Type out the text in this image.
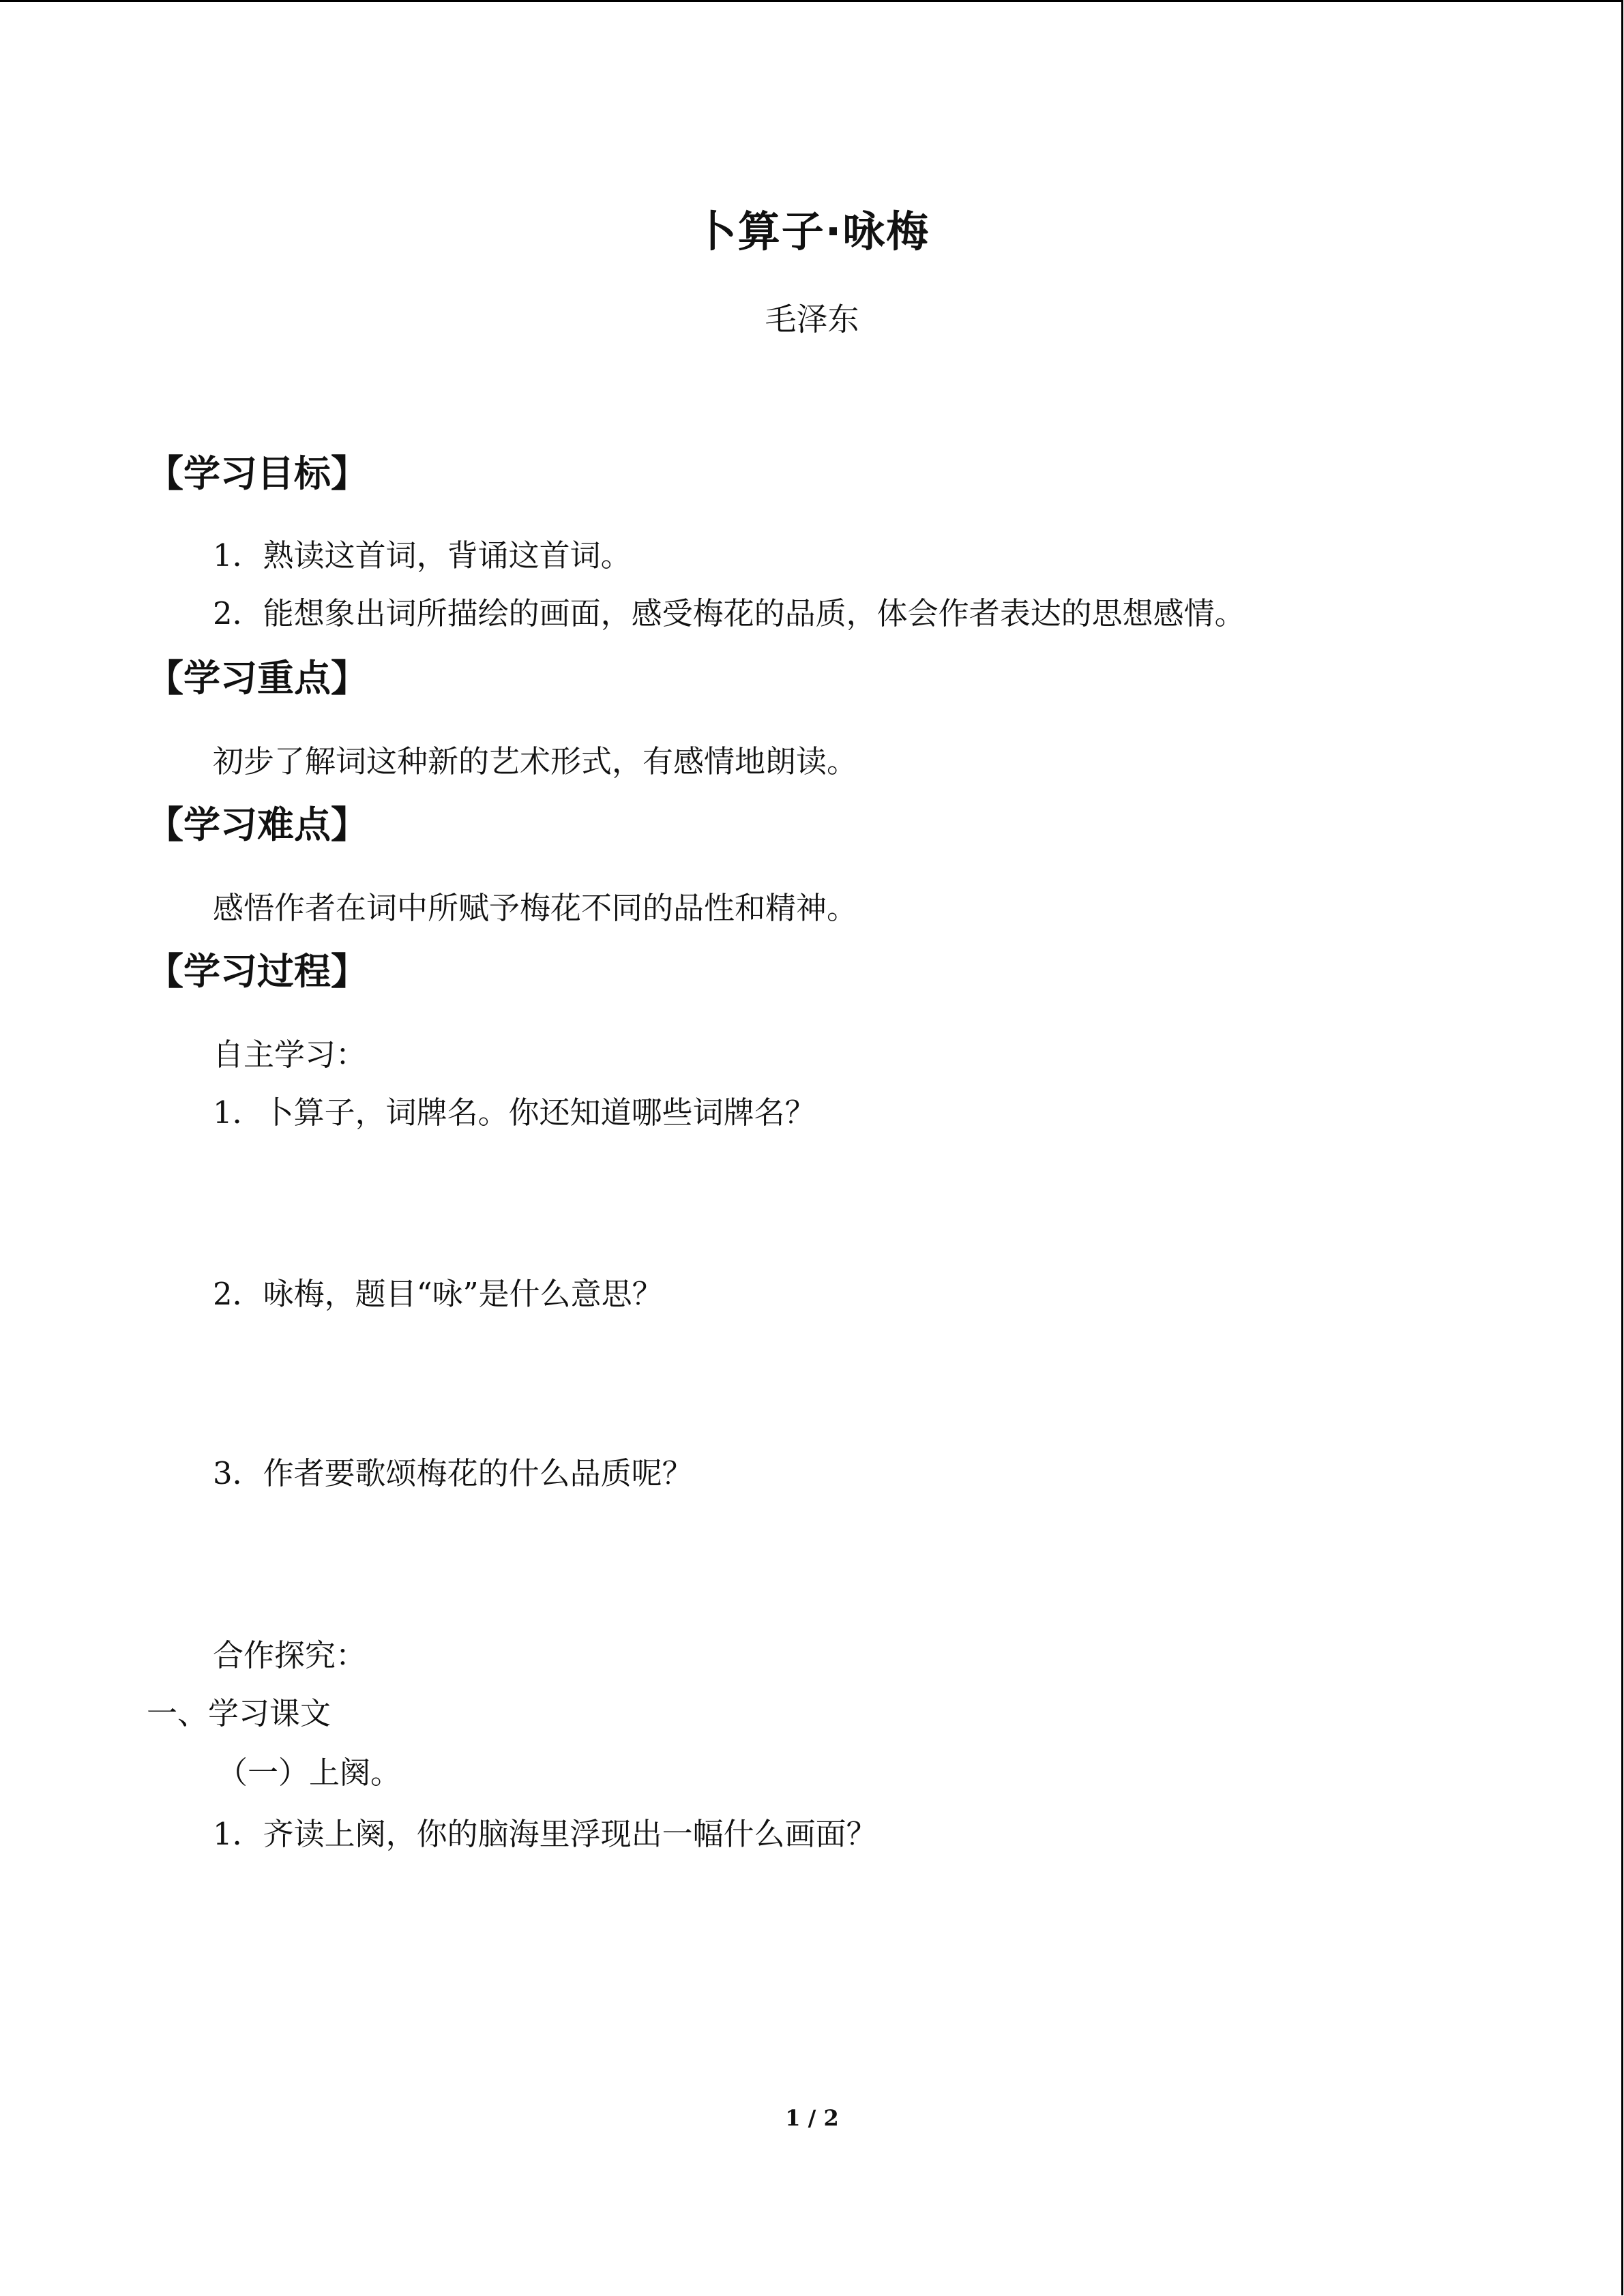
卜算子·咏梅
毛泽东
【学习目标】
1．熟读这首词，背诵这首词。
2．能想象出词所描绘的画面，感受梅花的品质，体会作者表达的思想感情。
【学习重点】
初步了解词这种新的艺术形式，有感情地朗读。
【学习难点】
感悟作者在词中所赋予梅花不同的品性和精神。
【学习过程】
自主学习：
1．卜算子，词牌名。你还知道哪些词牌名？
2．咏梅，题目“咏”是什么意思？
3．作者要歌颂梅花的什么品质呢？
合作探究：
一、学习课文
（一）上阕。
1．齐读上阕，你的脑海里浮现出一幅什么画面？
1 / 2
